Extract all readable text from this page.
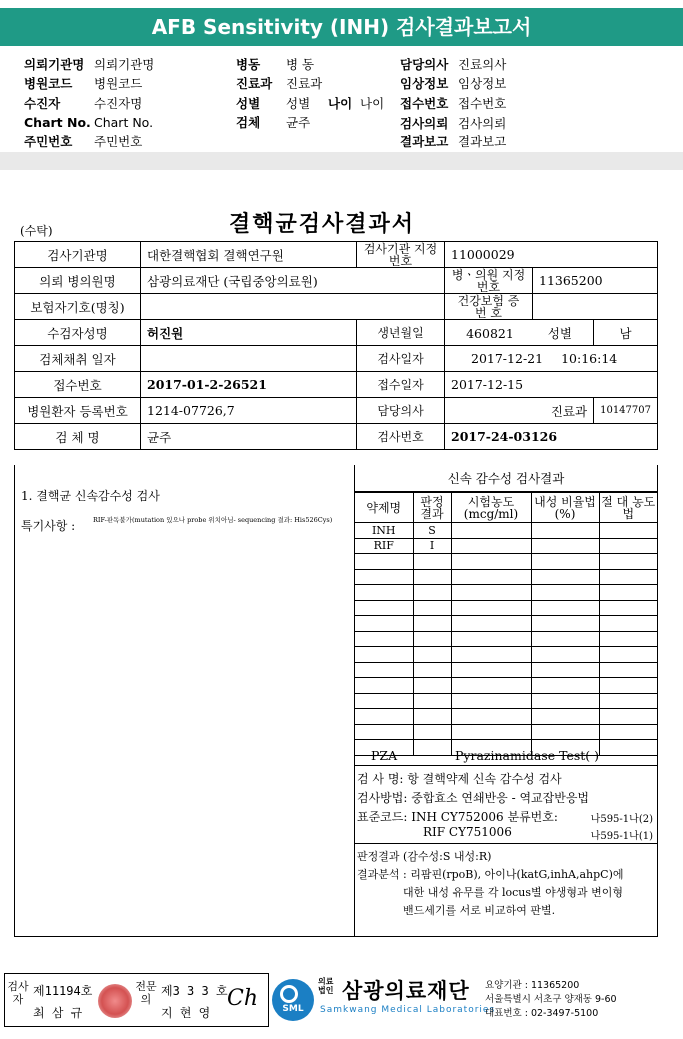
AFB Sensitivity (INH) 검사결과보고서
의뢰기관명 의뢰기관명
병원코드 병원코드
수진자	수진자명
Chart No. Chart No.
주민번호 주민번호
병동 병 동
진료과 진료과
성별 성별 나이 나이
검체 균주
담당의사 진료의사
임상정보 임상정보
접수번호 접수번호
검사의뢰 검사의뢰
결과보고 결과보고
(수탁)	결핵균검사결과서
검사기관명	대한결핵협회 결핵연구원	검사기관 지정번호	11000029		
의뢰 병의원명	삼광의료재단 (국립중앙의료원)		병ㆍ의원 지정번호	11365200	
보험자기호(명칭)			건강보험 증 번 호		
수검자성명	허진원	생년월일	460821 성별		남
검체채취 일자		검사일자	2017-12-21 10:16:14		
접수번호	2017-01-2-26521	접수일자	2017-12-15		
병원환자 등록번호	1214-07726,7	담당의사	진료과		10147707
검 체 명	균주	검사번호	2017-24-03126		
1. 결핵균 신속감수성 검사
특기사항 :	RIF-판독불가(mutation 있으나 probe 위치아님- sequencing 결과: His526Cys)
신속 감수성 검사결과
약제명	판정 결과	시험농도 (mcg/ml)	내성 비율법(%)	절 대 농도법
INH	S			
RIF	I			

PZA	Pyrazinamidase Test( )
검 사 명: 항 결핵약제 신속 감수성 검사
검사방법: 중합효소 연쇄반응 - 역교잡반응법
표준코드: INH CY752006 분류번호:	나595-1나(2)
RIF CY751006	나595-1나(1)
판정결과 (감수성:S 내성:R)
결과분석 : 리팜핀(rpoB), 아이나(katG,inhA,ahpC)에
대한 내성 유무를 각 locus별 야생형과 변이형
밴드세기를 서로 비교하여 판별.
검사자
제11194호
최 삼 규
전문의
제3 3 3 호
지 현 영
Ch	SML
의료 법인 삼광의료재단
Samkwang Medical Laboratories
요양기관 : 11365200
서울특별시 서초구 양재동 9-60
대표번호 : 02-3497-5100
